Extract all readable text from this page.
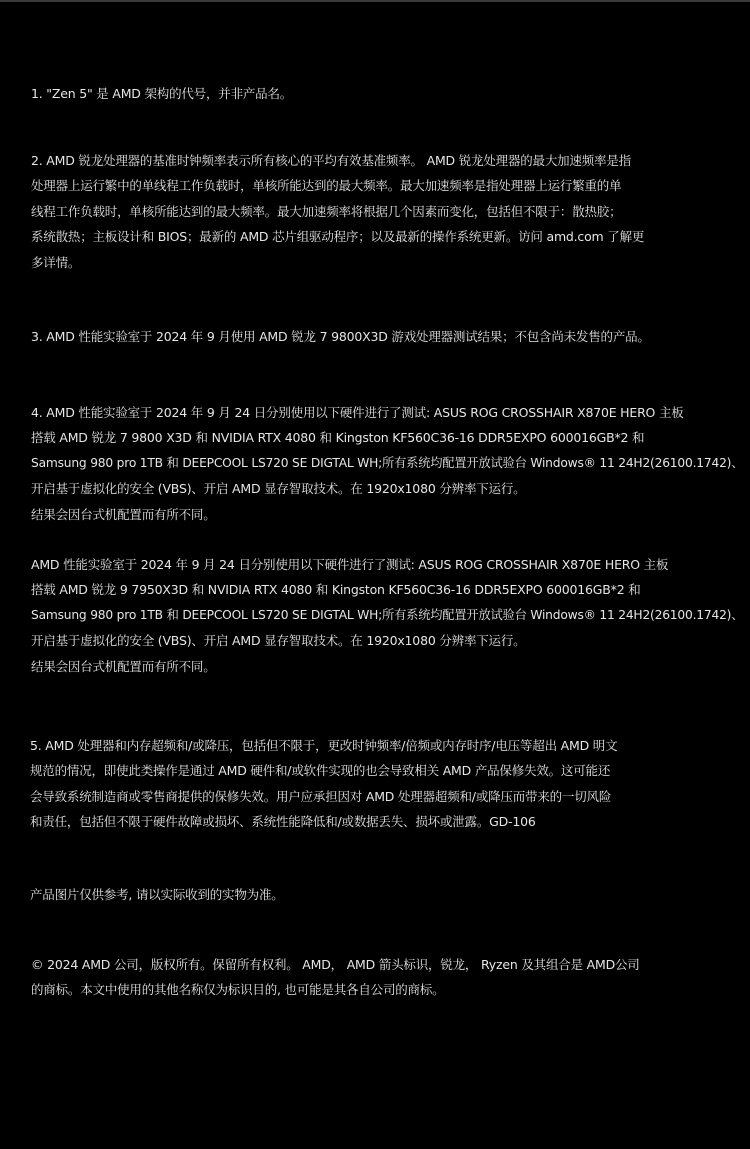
1. "Zen 5" 是 AMD 架构的代号，并非产品名。
2. AMD 锐龙处理器的基准时钟频率表示所有核心的平均有效基准频率。 AMD 锐龙处理器的最大加速频率是指
处理器上运行繁中的单线程工作负载时，单核所能达到的最大频率。最大加速频率是指处理器上运行繁重的单
线程工作负载时，单核所能达到的最大频率。最大加速频率将根据几个因素而变化，包括但不限于：散热胶；
系统散热；主板设计和 BIOS；最新的 AMD 芯片组驱动程序；以及最新的操作系统更新。访问 amd.com 了解更
多详情。
3. AMD 性能实验室于 2024 年 9 月使用 AMD 锐龙 7 9800X3D 游戏处理器测试结果；不包含尚未发售的产品。
4. AMD 性能实验室于 2024 年 9 月 24 日分别使用以下硬件进行了测试: ASUS ROG CROSSHAIR X870E HERO 主板
搭载 AMD 锐龙 7 9800 X3D 和 NVIDIA RTX 4080 和 Kingston KF560C36-16 DDR5EXPO 600016GB*2 和
Samsung 980 pro 1TB 和 DEEPCOOL LS720 SE DIGTAL WH;所有系统均配置开放试验台 Windows® 11 24H2(26100.1742)、
开启基于虚拟化的安全 (VBS)、开启 AMD 显存智取技术。在 1920x1080 分辨率下运行。
结果会因台式机配置而有所不同。
AMD 性能实验室于 2024 年 9 月 24 日分别使用以下硬件进行了测试: ASUS ROG CROSSHAIR X870E HERO 主板
搭载 AMD 锐龙 9 7950X3D 和 NVIDIA RTX 4080 和 Kingston KF560C36-16 DDR5EXPO 600016GB*2 和
Samsung 980 pro 1TB 和 DEEPCOOL LS720 SE DIGTAL WH;所有系统均配置开放试验台 Windows® 11 24H2(26100.1742)、
开启基于虚拟化的安全 (VBS)、开启 AMD 显存智取技术。在 1920x1080 分辨率下运行。
结果会因台式机配置而有所不同。
5. AMD 处理器和内存超频和/或降压，包括但不限于，更改时钟频率/倍频或内存时序/电压等超出 AMD 明文
规范的情况，即使此类操作是通过 AMD 硬件和/或软件实现的也会导致相关 AMD 产品保修失效。这可能还
会导致系统制造商或零售商提供的保修失效。用户应承担因对 AMD 处理器超频和/或降压而带来的一切风险
和责任，包括但不限于硬件故障或损坏、系统性能降低和/或数据丢失、损坏或泄露。GD-106
产品图片仅供参考, 请以实际收到的实物为准。
© 2024 AMD 公司，版权所有。保留所有权利。 AMD， AMD 箭头标识，锐龙， Ryzen 及其组合是 AMD公司
的商标。本文中使用的其他名称仅为标识目的, 也可能是其各自公司的商标。
